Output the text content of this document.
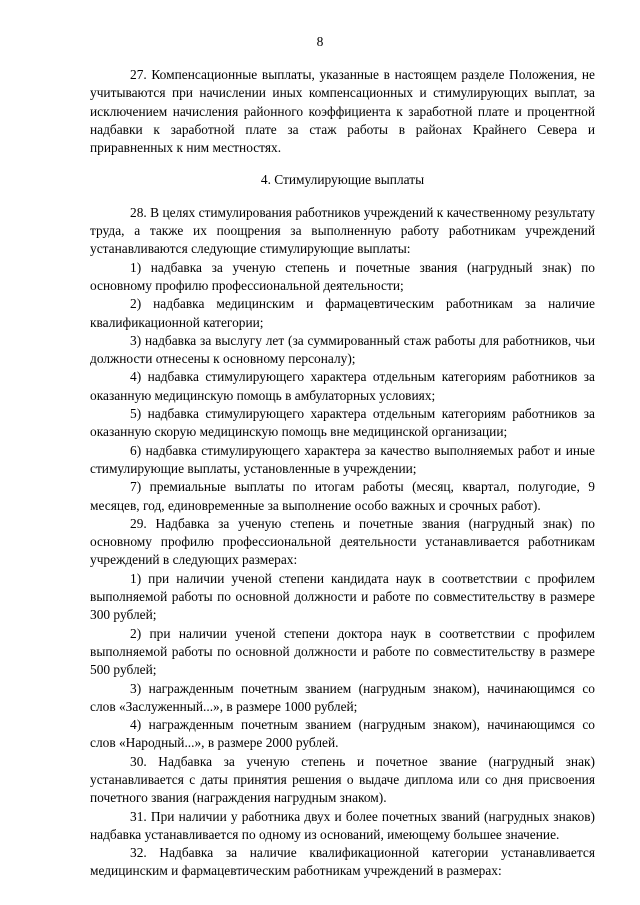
8

27. Компенсационные выплаты, указанные в настоящем разделе Положения, не учитываются при начислении иных компенсационных и стимулирующих выплат, за исключением начисления районного коэффициента к заработной плате и процентной надбавки к заработной плате за стаж работы в районах Крайнего Севера и приравненных к ним местностях.

4. Стимулирующие выплаты

28. В целях стимулирования работников учреждений к качественному результату труда, а также их поощрения за выполненную работу работникам учреждений устанавливаются следующие стимулирующие выплаты:

1) надбавка за ученую степень и почетные звания (нагрудный знак) по основному профилю профессиональной деятельности;

2) надбавка медицинским и фармацевтическим работникам за наличие квалификационной категории;

3) надбавка за выслугу лет (за суммированный стаж работы для работников, чьи должности отнесены к основному персоналу);

4) надбавка стимулирующего характера отдельным категориям работников за оказанную медицинскую помощь в амбулаторных условиях;

5) надбавка стимулирующего характера отдельным категориям работников за оказанную скорую медицинскую помощь вне медицинской организации;

6) надбавка стимулирующего характера за качество выполняемых работ и иные стимулирующие выплаты, установленные в учреждении;

7) премиальные выплаты по итогам работы (месяц, квартал, полугодие, 9 месяцев, год, единовременные за выполнение особо важных и срочных работ).

29. Надбавка за ученую степень и почетные звания (нагрудный знак) по основному профилю профессиональной деятельности устанавливается работникам учреждений в следующих размерах:

1) при наличии ученой степени кандидата наук в соответствии с профилем выполняемой работы по основной должности и работе по совместительству в размере 300 рублей;

2) при наличии ученой степени доктора наук в соответствии с профилем выполняемой работы по основной должности и работе по совместительству в размере 500 рублей;

3) награжденным почетным званием (нагрудным знаком), начинающимся со слов «Заслуженный...», в размере 1000 рублей;

4) награжденным почетным званием (нагрудным знаком), начинающимся со слов «Народный...», в размере 2000 рублей.

30. Надбавка за ученую степень и почетное звание (нагрудный знак) устанавливается с даты принятия решения о выдаче диплома или со дня присвоения почетного звания (награждения нагрудным знаком).

31. При наличии у работника двух и более почетных званий (нагрудных знаков) надбавка устанавливается по одному из оснований, имеющему большее значение.

32. Надбавка за наличие квалификационной категории устанавливается медицинским и фармацевтическим работникам учреждений в размерах:
